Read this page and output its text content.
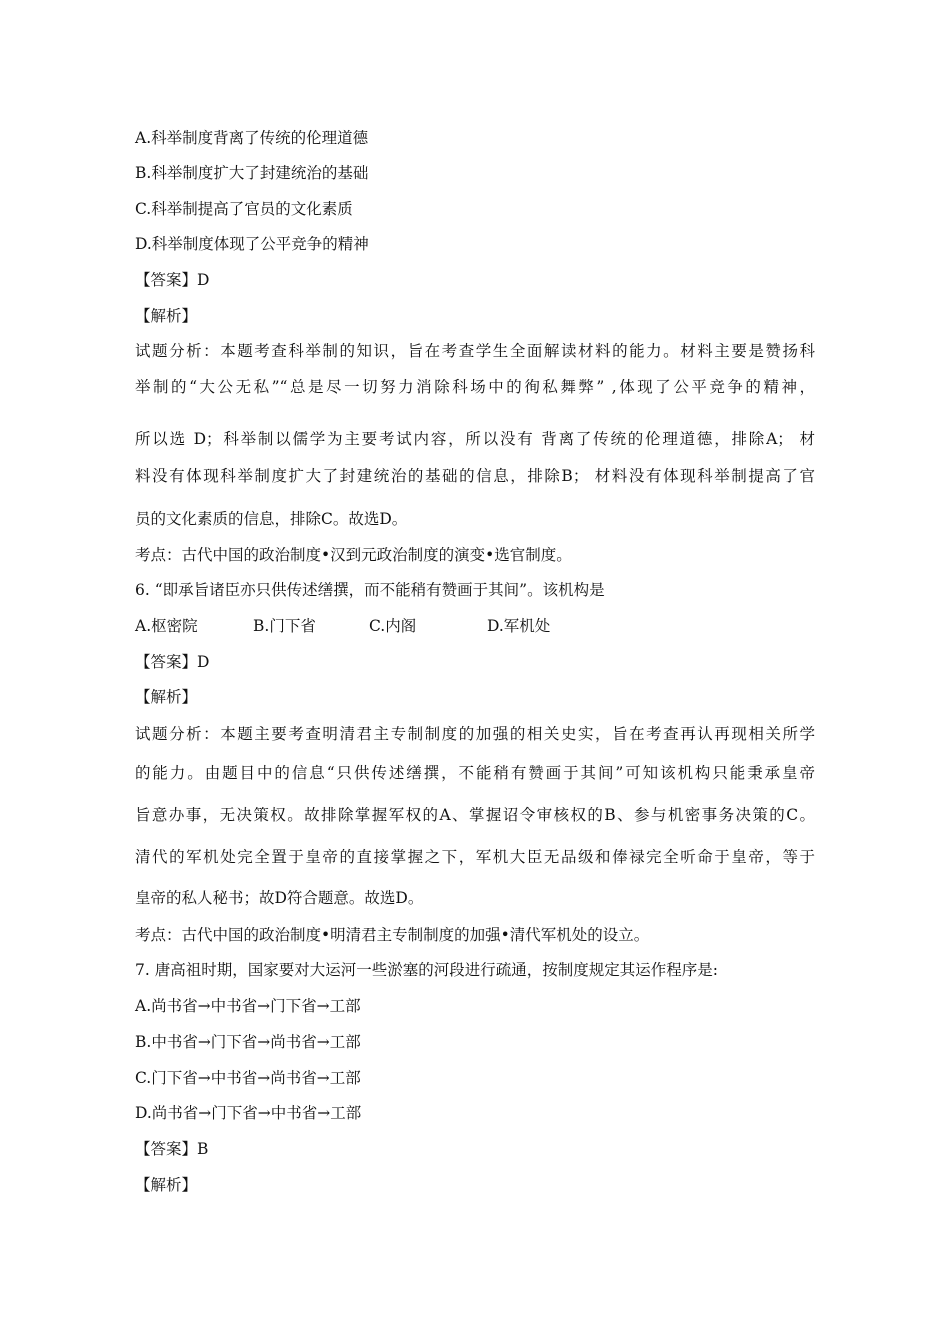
A.科举制度背离了传统的伦理道德
B.科举制度扩大了封建统治的基础
C.科举制提高了官员的文化素质
D.科举制度体现了公平竞争的精神
【答案】D
【解析】
试题分析：本题考查科举制的知识，旨在考查学生全面解读材料的能力。材料主要是赞扬科
举制的“大公无私”“总是尽一切努力消除科场中的徇私舞弊” ,体现了公平竞争的精神，
所以选 D；科举制以儒学为主要考试内容，所以没有 背离了传统的伦理道德，排除A； 材
料没有体现科举制度扩大了封建统治的基础的信息，排除B； 材料没有体现科举制提高了官
员的文化素质的信息，排除C。故选D。
考点：古代中国的政治制度•汉到元政治制度的演变•选官制度。
6. “即承旨诸臣亦只供传述缮撰，而不能稍有赞画于其间”。该机构是
A.枢密院	B.门下省	C.内阁	D.军机处
【答案】D
【解析】
试题分析：本题主要考查明清君主专制制度的加强的相关史实，旨在考查再认再现相关所学
的能力。由题目中的信息“只供传述缮撰，不能稍有赞画于其间”可知该机构只能秉承皇帝
旨意办事，无决策权。故排除掌握军权的A、掌握诏令审核权的B、参与机密事务决策的C。
清代的军机处完全置于皇帝的直接掌握之下，军机大臣无品级和俸禄完全听命于皇帝，等于
皇帝的私人秘书；故D符合题意。故选D。
考点：古代中国的政治制度•明清君主专制制度的加强•清代军机处的设立。
7. 唐高祖时期，国家要对大运河一些淤塞的河段进行疏通，按制度规定其运作程序是:
A.尚书省→中书省→门下省→工部
B.中书省→门下省→尚书省→工部
C.门下省→中书省→尚书省→工部
D.尚书省→门下省→中书省→工部
【答案】B
【解析】
